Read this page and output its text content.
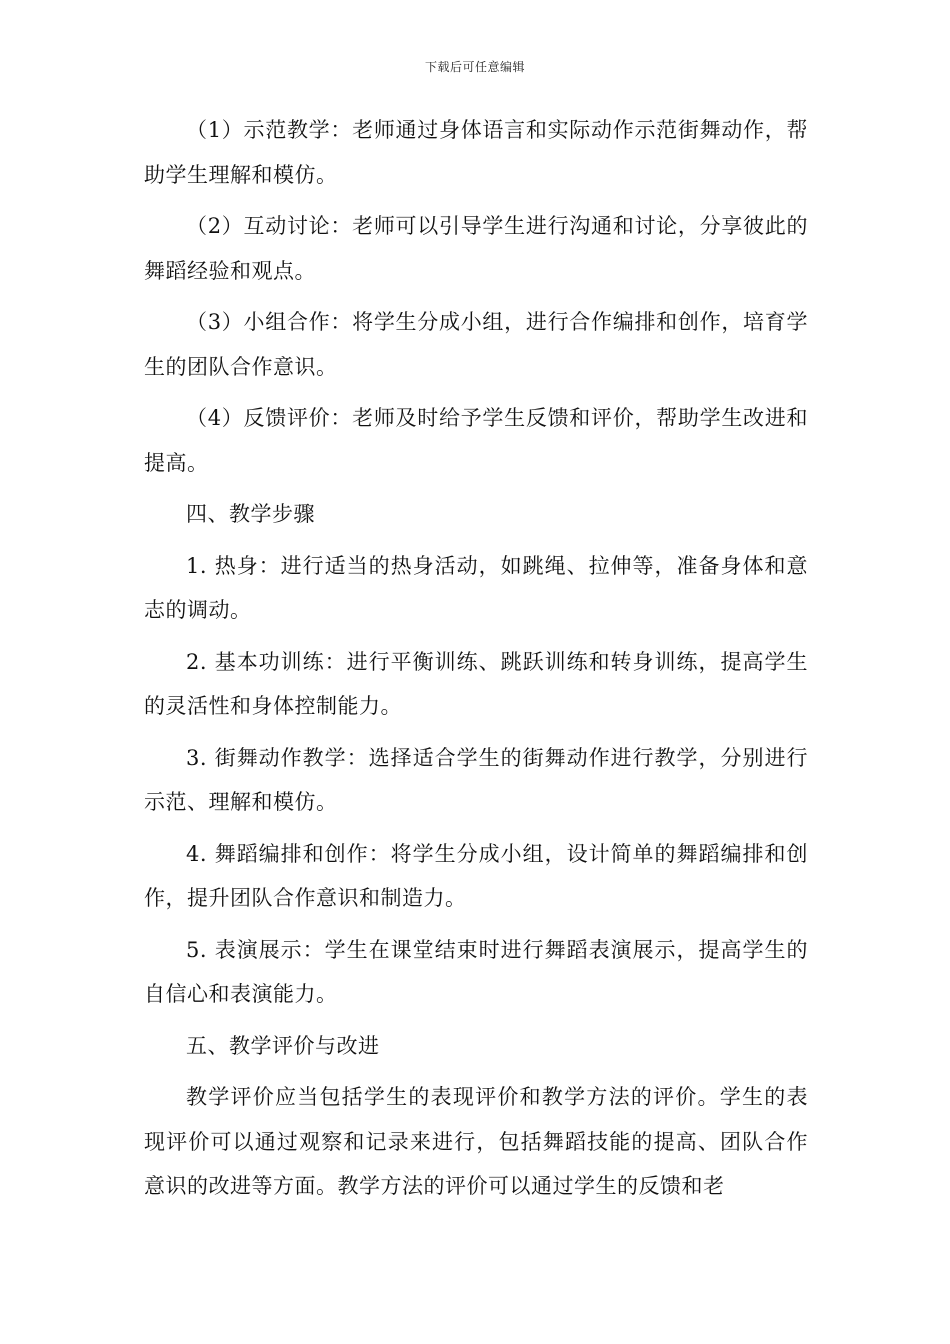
下载后可任意编辑

（1）示范教学：老师通过身体语言和实际动作示范街舞动作，帮助学生理解和模仿。

（2）互动讨论：老师可以引导学生进行沟通和讨论，分享彼此的舞蹈经验和观点。

（3）小组合作：将学生分成小组，进行合作编排和创作，培育学生的团队合作意识。

（4）反馈评价：老师及时给予学生反馈和评价，帮助学生改进和提高。

四、教学步骤

1. 热身：进行适当的热身活动，如跳绳、拉伸等，准备身体和意志的调动。

2. 基本功训练：进行平衡训练、跳跃训练和转身训练，提高学生的灵活性和身体控制能力。

3. 街舞动作教学：选择适合学生的街舞动作进行教学，分别进行示范、理解和模仿。

4. 舞蹈编排和创作：将学生分成小组，设计简单的舞蹈编排和创作，提升团队合作意识和制造力。

5. 表演展示：学生在课堂结束时进行舞蹈表演展示，提高学生的自信心和表演能力。

五、教学评价与改进

教学评价应当包括学生的表现评价和教学方法的评价。学生的表现评价可以通过观察和记录来进行，包括舞蹈技能的提高、团队合作意识的改进等方面。教学方法的评价可以通过学生的反馈和老
